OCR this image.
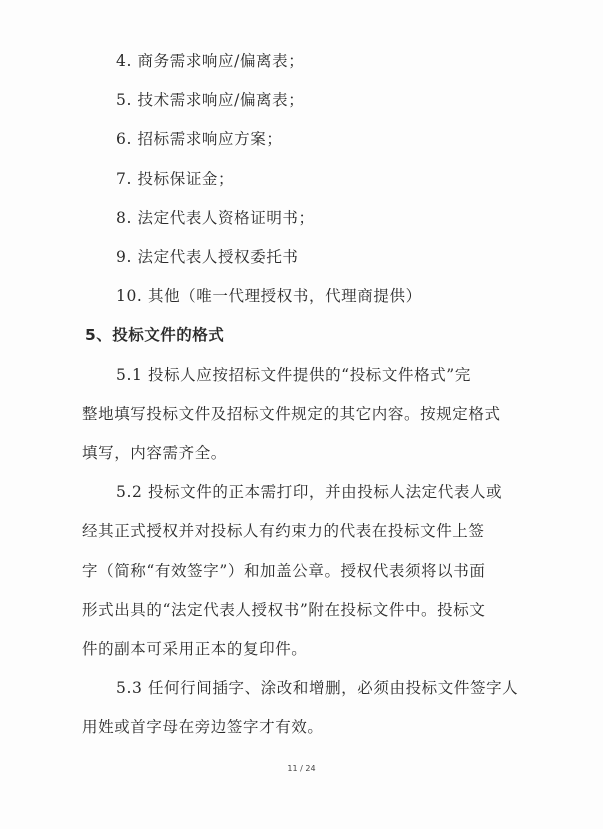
4. 商务需求响应/偏离表；
5. 技术需求响应/偏离表；
6. 招标需求响应方案；
7. 投标保证金；
8. 法定代表人资格证明书；
9. 法定代表人授权委托书
10. 其他（唯一代理授权书，代理商提供）
5、投标文件的格式
5.1 投标人应按招标文件提供的“投标文件格式”完
整地填写投标文件及招标文件规定的其它内容。按规定格式
填写，内容需齐全。
5.2 投标文件的正本需打印，并由投标人法定代表人或
经其正式授权并对投标人有约束力的代表在投标文件上签
字（简称“有效签字”）和加盖公章。授权代表须将以书面
形式出具的“法定代表人授权书”附在投标文件中。投标文
件的副本可采用正本的复印件。
5.3 任何行间插字、涂改和增删，必须由投标文件签字人
用姓或首字母在旁边签字才有效。
11 / 24
